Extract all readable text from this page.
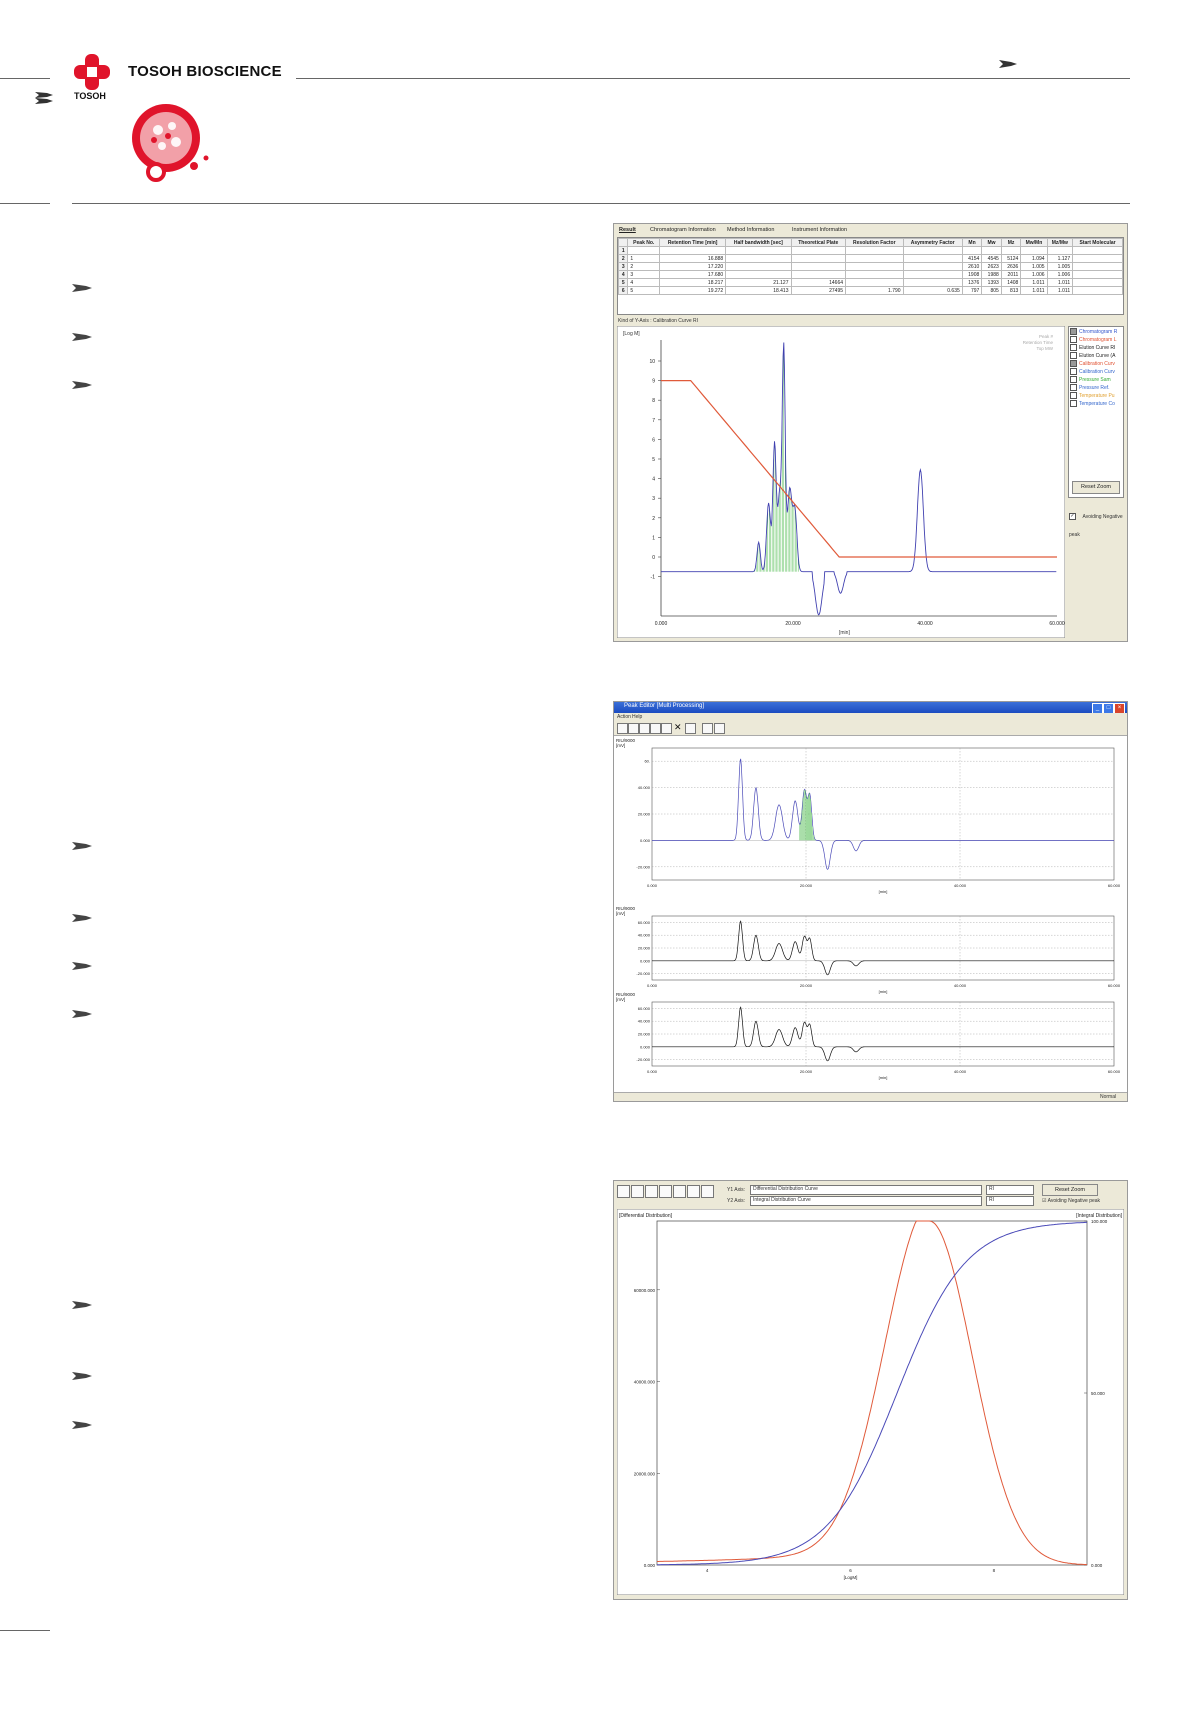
TOSOH
TOSOH BIOSCIENCE
Result	Chromatogram Information Method Information	Instrument Information
	Peak No.	Retention Time [min]	Half bandwidth [sec]	Theoretical Plate	Resolution Factor	Asymmetry Factor	Mn	Mw	Mz	Mw/Mn	Mz/Mw	Start Molecular
1												
2	1	16.888					4154	4545	5124	1.094	1.127	
3	2	17.220					2610	2623	2636	1.005	1.005	
4	3	17.680					1908	1988	2011	1.006	1.006	
5	4	18.217	21.127	14664			1376	1393	1408	1.011	1.011	
6	5	19.272	18.413	27495	1.790	0.635	797	805	813	1.011	1.011	
Kind of Y-Axis : Calibration Curve RI
[Log M]
[min]
Peak #
Retention Time
Top MW
10
9
8
7
6
5
4
3
2
1
0
-1
0.000	20.000	40.000	60.000
Chromatogram R
Chromatogram L
Elution Curve RI
Elution Curve (A
Calibration Curv
Calibration Curv
Pressure Sam
Pressure Ref.
Temperature Pu
Temperature Co
Reset Zoom
✓ Avoiding Negative peak
Peak Editor [Multi Processing]	_	□	×
Action Help
✕
RIU/9000
[mV]
60.
40.000
20.000
0.000
-20.000
0.000	20.000	40.000	60.000
[min]
RIU/9000
[mV]
60.000
40.000
20.000
0.000
-20.000
0.000	20.000	40.000	60.000
[min]
RIU/9000
[mV]
60.000
40.000
20.000
0.000
-20.000
0.000	20.000	40.000	60.000
[min]
Normal
Y1 Axis:	Differential Distribution Curve	RI
Y2 Axis:	Integral Distribution Curve	RI
Reset Zoom
☑ Avoiding Negative peak
[Differential Distribution]	[Integral Distribution]
60000.000
40000.000
20000.000
0.000
100.000
50.000
0.000
4	6	8
[LogM]
